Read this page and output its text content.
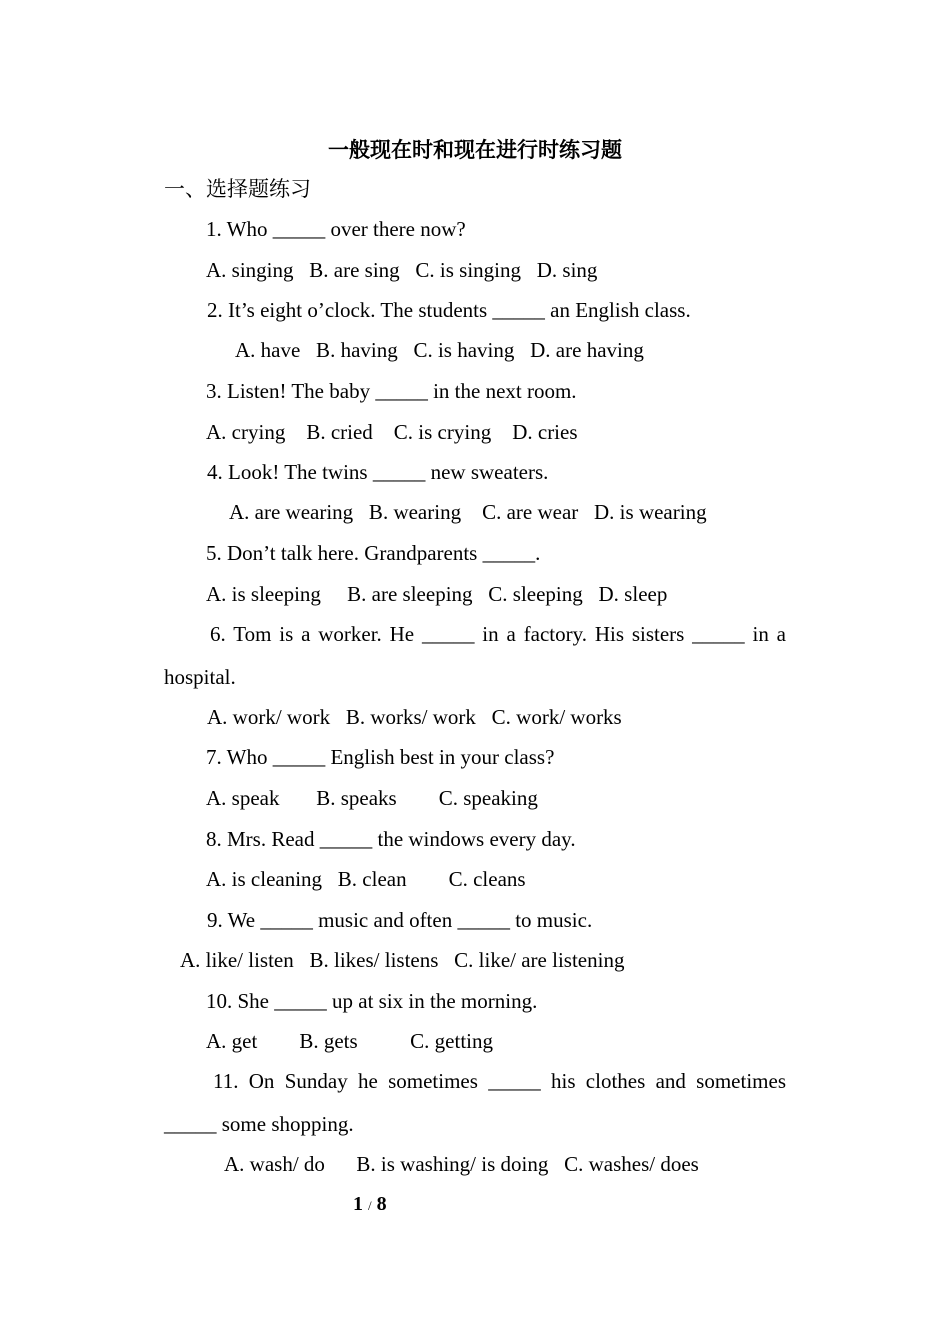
一般现在时和现在进行时练习题
一、选择题练习
1. Who _____ over there now?
A. singing   B. are sing   C. is singing   D. sing
2. It’s eight o’clock. The students _____ an English class.
A. have   B. having   C. is having   D. are having
3. Listen! The baby _____ in the next room.
A. crying    B. cried    C. is crying    D. cries
4. Look! The twins _____ new sweaters.
A. are wearing   B. wearing    C. are wear   D. is wearing
5. Don’t talk here. Grandparents _____.
A. is sleeping     B. are sleeping   C. sleeping   D. sleep
6. Tom is a worker. He _____ in a factory. His sisters _____ in a
hospital.
A. work/ work   B. works/ work   C. work/ works
7. Who _____ English best in your class?
A. speak       B. speaks        C. speaking
8. Mrs. Read _____ the windows every day.
A. is cleaning   B. clean        C. cleans
9. We _____ music and often _____ to music.
A. like/ listen   B. likes/ listens   C. like/ are listening
10. She _____ up at six in the morning.
A. get        B. gets          C. getting
11. On Sunday he sometimes _____ his clothes and sometimes
_____ some shopping.
A. wash/ do      B. is washing/ is doing   C. washes/ does
1 / 8
